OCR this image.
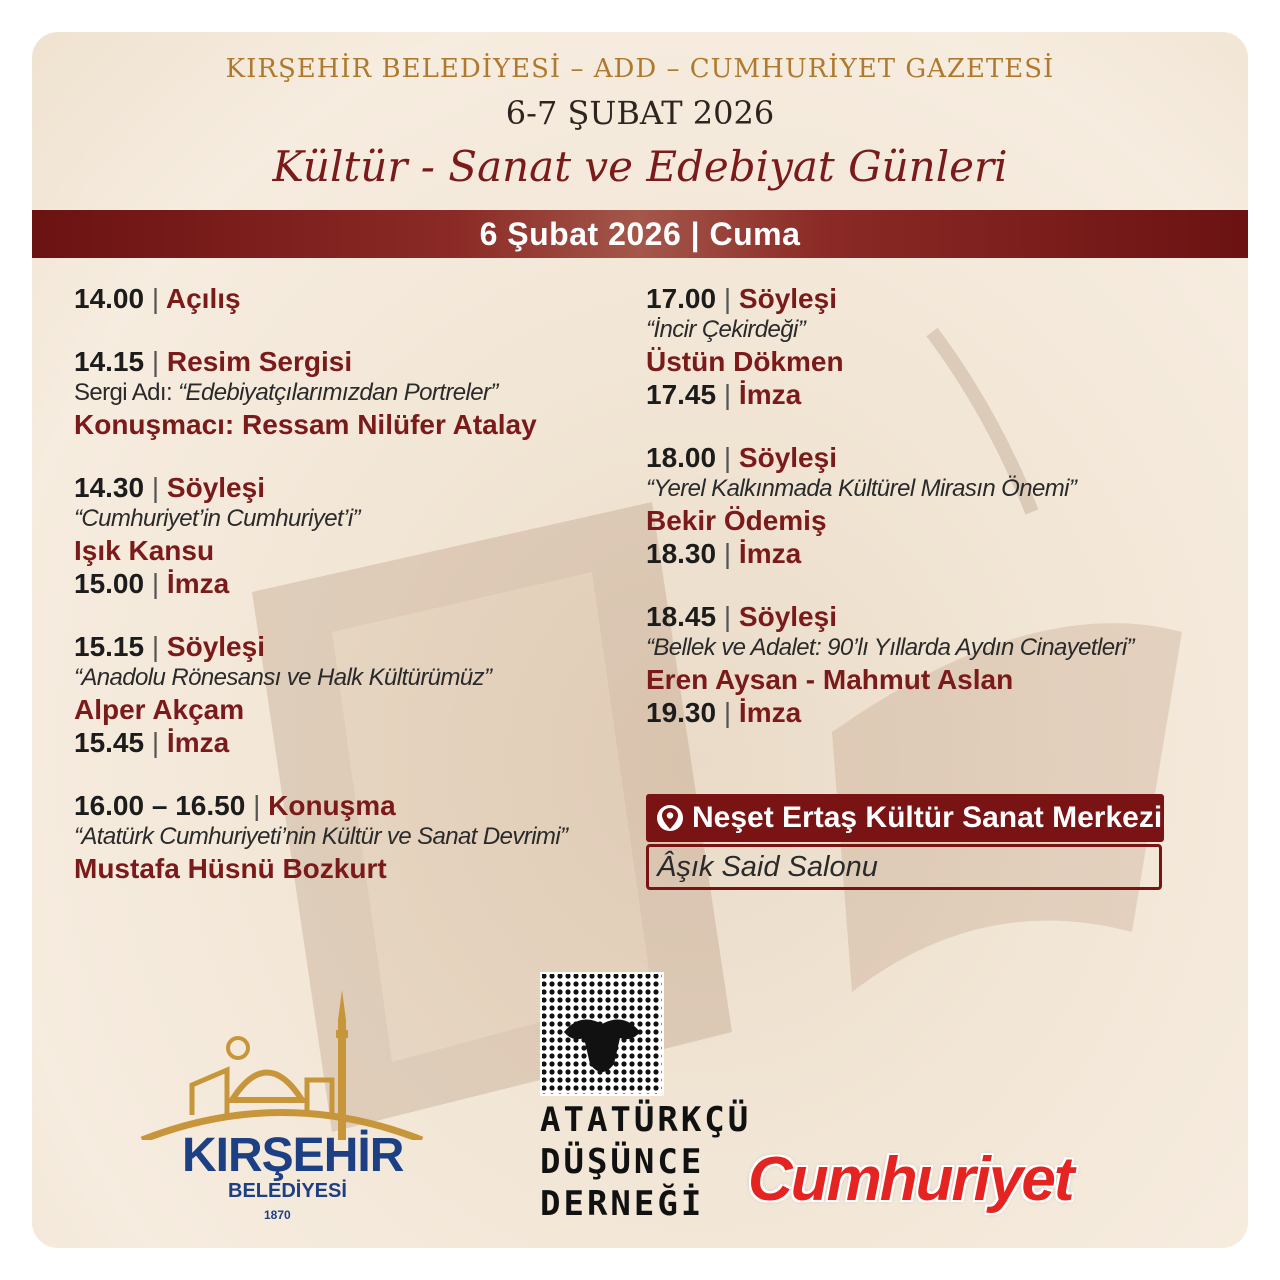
KIRŞEHİR BELEDİYESİ – ADD – CUMHURİYET GAZETESİ
6-7 ŞUBAT 2026
Kültür - Sanat ve Edebiyat Günleri
6 Şubat 2026 | Cuma
14.00 | Açılış
14.15 | Resim Sergisi
Sergi Adı: “Edebiyatçılarımızdan Portreler”
Konuşmacı: Ressam Nilüfer Atalay
14.30 | Söyleşi
“Cumhuriyet’in Cumhuriyet’i”
Işık Kansu
15.00 | İmza
15.15 | Söyleşi
“Anadolu Rönesansı ve Halk Kültürümüz”
Alper Akçam
15.45 | İmza
16.00 – 16.50 | Konuşma
“Atatürk Cumhuriyeti’nin Kültür ve Sanat Devrimi”
Mustafa Hüsnü Bozkurt
17.00 | Söyleşi
“İncir Çekirdeği”
Üstün Dökmen
17.45 | İmza
18.00 | Söyleşi
“Yerel Kalkınmada Kültürel Mirasın Önemi”
Bekir Ödemiş
18.30 | İmza
18.45 | Söyleşi
“Bellek ve Adalet: 90’lı Yıllarda Aydın Cinayetleri”
Eren Aysan - Mahmut Aslan
19.30 | İmza
Neşet Ertaş Kültür Sanat Merkezi
Âşık Said Salonu
KIRŞEHİR
BELEDİYESİ
1870
ATATÜRKÇÜ
DÜŞÜNCE
DERNEĞİ Cumhuriyet
